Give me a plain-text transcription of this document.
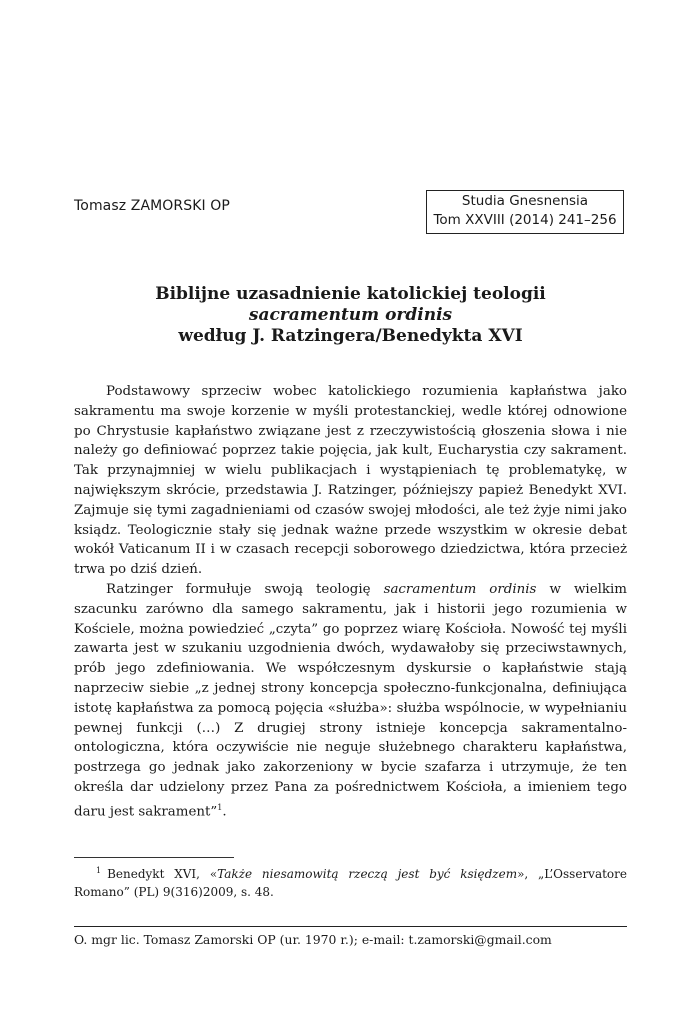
Tomasz ZAMORSKI OP	Studia Gnesnensia
Tom XXVIII (2014) 241–256
Biblijne uzasadnienie katolickiej teologii
sacramentum ordinis
według J. Ratzingera/Benedykta XVI

Podstawowy sprzeciw wobec katolickiego rozumienia kapłaństwa jako sakramentu ma swoje korzenie w myśli protestanckiej, wedle której odnowione po Chrystusie kapłaństwo związane jest z rzeczywistością głoszenia słowa i nie należy go definiować poprzez takie pojęcia, jak kult, Eucharystia czy sakrament. Tak przynajmniej w wielu publikacjach i wystąpieniach tę problematykę, w największym skrócie, przedstawia J. Ratzinger, późniejszy papież Benedykt XVI. Zajmuje się tymi zagadnieniami od czasów swojej młodości, ale też żyje nimi jako ksiądz. Teologicznie stały się jednak ważne przede wszystkim w okresie debat wokół Vaticanum II i w czasach recepcji soborowego dziedzictwa, która przecież trwa po dziś dzień.

Ratzinger formułuje swoją teologię sacramentum ordinis w wielkim szacunku zarówno dla samego sakramentu, jak i historii jego rozumienia w Kościele, można powiedzieć „czyta” go poprzez wiarę Kościoła. Nowość tej myśli zawarta jest w szukaniu uzgodnienia dwóch, wydawałoby się przeciwstawnych, prób jego zdefiniowania. We współczesnym dyskursie o kapłaństwie stają naprzeciw siebie „z jednej strony koncepcja społeczno-funkcjonalna, definiująca istotę kapłaństwa za pomocą pojęcia «służba»: służba wspólnocie, w wypełnianiu pewnej funkcji (…) Z drugiej strony istnieje koncepcja sakramentalno-ontologiczna, która oczywiście nie neguje służebnego charakteru kapłaństwa, postrzega go jednak jako zakorzeniony w bycie szafarza i utrzymuje, że ten określa dar udzielony przez Pana za pośrednictwem Kościoła, a imieniem tego daru jest sakrament”$^1$.

$^1$ Benedykt XVI, «Także niesamowitą rzeczą jest być księdzem», „L’Osservatore Romano” (PL) 9(316)2009, s. 48.
O. mgr lic. Tomasz Zamorski OP (ur. 1970 r.); e-mail: t.zamorski@gmail.com
